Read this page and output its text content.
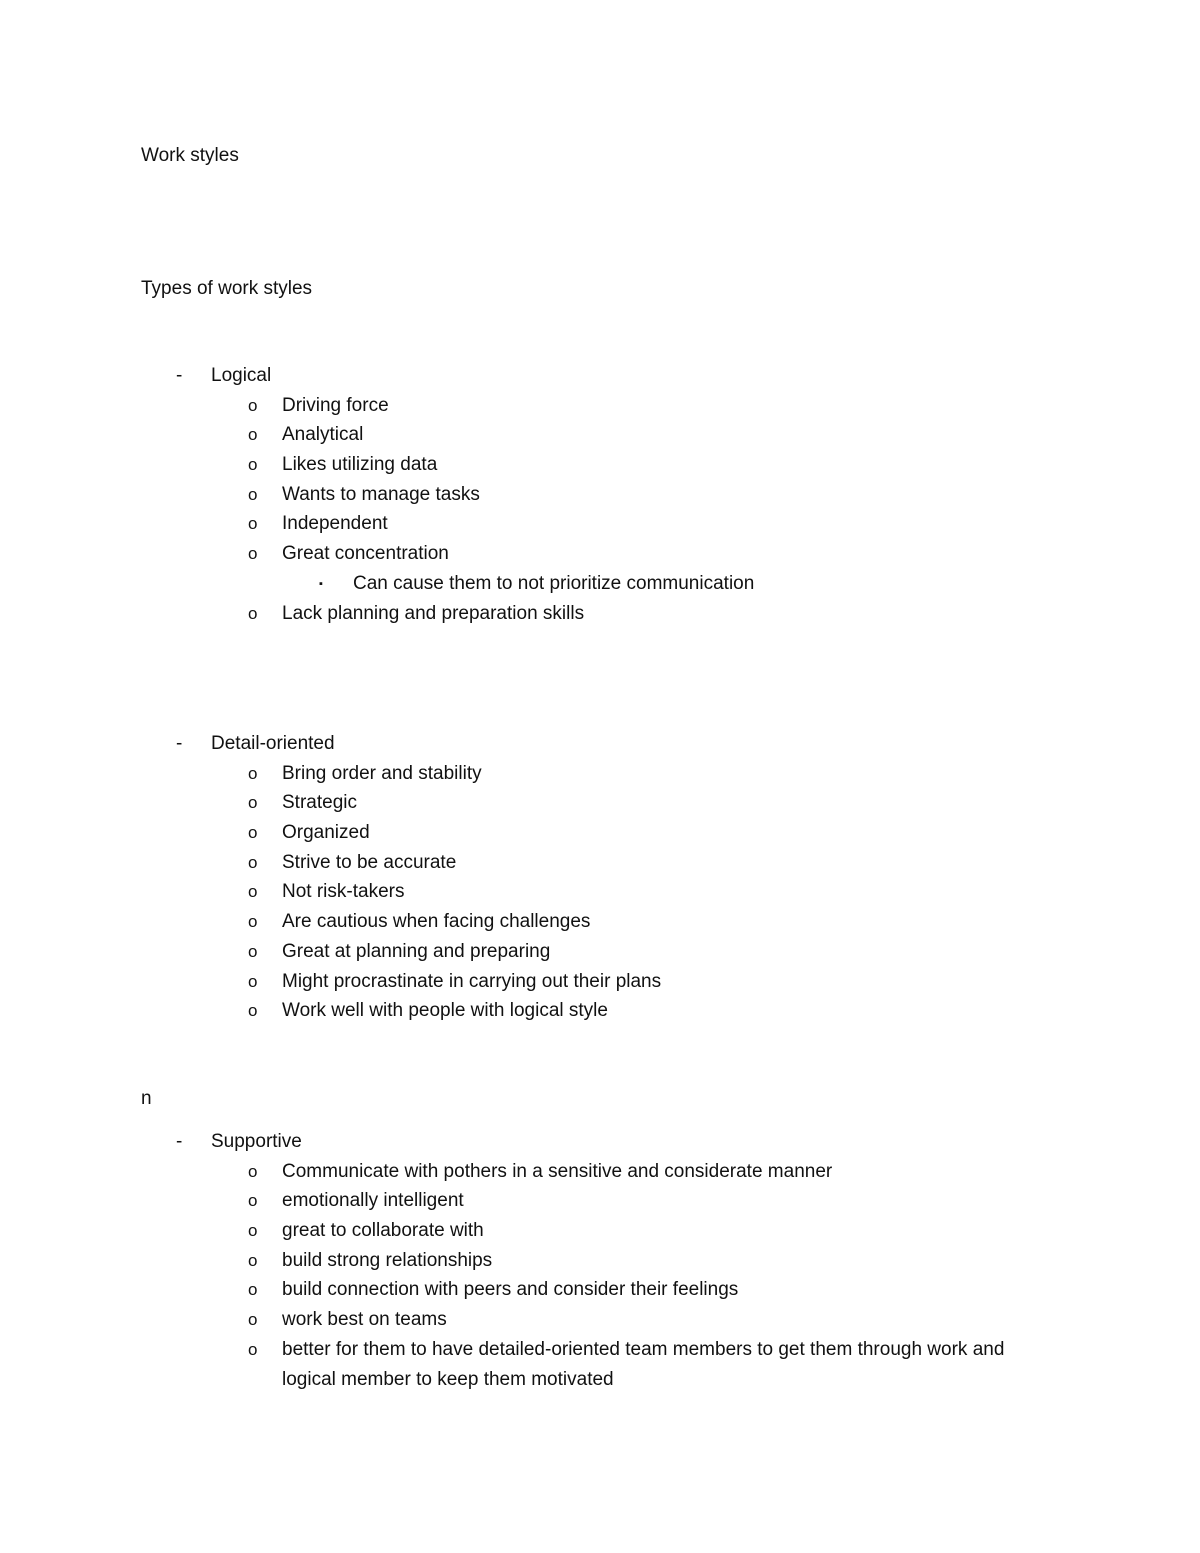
Work styles
Types of work styles
-	Logical
o	Driving force
o	Analytical
o	Likes utilizing data
o	Wants to manage tasks
o	Independent
o	Great concentration
▪	Can cause them to not prioritize communication
o	Lack planning and preparation skills
-	Detail-oriented
o	Bring order and stability
o	Strategic
o	Organized
o	Strive to be accurate
o	Not risk-takers
o	Are cautious when facing challenges
o	Great at planning and preparing
o	Might procrastinate in carrying out their plans
o	Work well with people with logical style
n
-	Supportive
o	Communicate with pothers in a sensitive and considerate manner
o	emotionally intelligent
o	great to collaborate with
o	build strong relationships
o	build connection with peers and consider their feelings
o	work best on teams
o	better for them to have detailed-oriented team members to get them through work and
logical member to keep them motivated
